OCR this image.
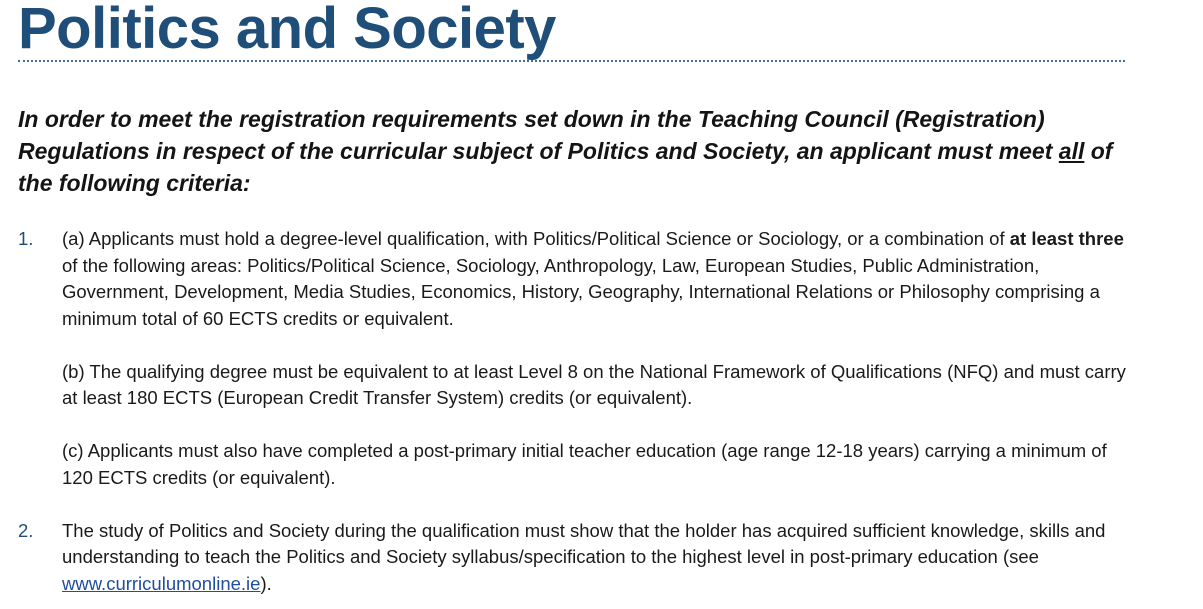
Politics and Society

In order to meet the registration requirements set down in the Teaching Council (Registration) Regulations in respect of the curricular subject of Politics and Society, an applicant must meet all of the following criteria:

1.	(a) Applicants must hold a degree-level qualification, with Politics/Political Science or Sociology, or a combination of at least three of the following areas: Politics/Political Science, Sociology, Anthropology, Law, European Studies, Public Administration, Government, Development, Media Studies, Economics, History, Geography, International Relations or Philosophy comprising a minimum total of 60 ECTS credits or equivalent.

(b) The qualifying degree must be equivalent to at least Level 8 on the National Framework of Qualifications (NFQ) and must carry at least 180 ECTS (European Credit Transfer System) credits (or equivalent).

(c) Applicants must also have completed a post-primary initial teacher education (age range 12-18 years) carrying a minimum of 120 ECTS credits (or equivalent).

2.	The study of Politics and Society during the qualification must show that the holder has acquired sufficient knowledge, skills and understanding to teach the Politics and Society syllabus/specification to the highest level in post-primary education (see www.curriculumonline.ie).
